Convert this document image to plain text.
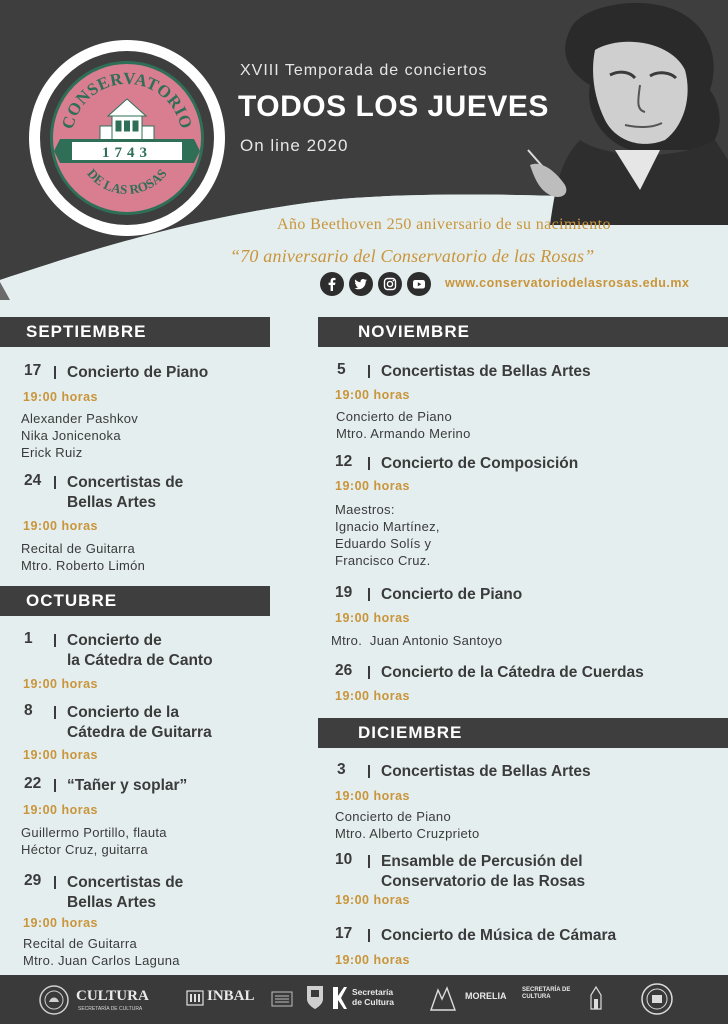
CONSERVATORIO
1743
DE LAS ROSAS
XVIII Temporada de conciertos
TODOS LOS JUEVES
On line 2020
Año Beethoven 250 aniversario de su nacimiento
“70 aniversario del Conservatorio de las Rosas”
www.conservatoriodelasrosas.edu.mx
SEPTIEMBRE
17 Concierto de Piano
19:00 horas
Alexander Pashkov
Nika Jonicenoka
Erick Ruiz
24 Concertistas de
Bellas Artes
19:00 horas
Recital de Guitarra
Mtro. Roberto Limón
OCTUBRE
1 Concierto de
la Cátedra de Canto
19:00 horas
8 Concierto de la
Cátedra de Guitarra
19:00 horas
22 “Tañer y soplar”
19:00 horas
Guillermo Portillo, flauta
Héctor Cruz, guitarra
29 Concertistas de
Bellas Artes
19:00 horas
Recital de Guitarra
Mtro. Juan Carlos Laguna
NOVIEMBRE
5 Concertistas de Bellas Artes
19:00 horas
Concierto de Piano
Mtro. Armando Merino
12 Concierto de Composición
19:00 horas
Maestros:
Ignacio Martínez,
Eduardo Solís y
Francisco Cruz.
19 Concierto de Piano
19:00 horas
Mtro.  Juan Antonio Santoyo
26 Concierto de la Cátedra de Cuerdas
19:00 horas
DICIEMBRE
3 Concertistas de Bellas Artes
19:00 horas
Concierto de Piano
Mtro. Alberto Cruzprieto
10 Ensamble de Percusión del
Conservatorio de las Rosas
19:00 horas
17 Concierto de Música de Cámara
19:00 horas
CULTURA
SECRETARÍA DE CULTURA
INBAL	Secretaría
de Cultura
MORELIA
SECRETARÍA DE CULTURA
